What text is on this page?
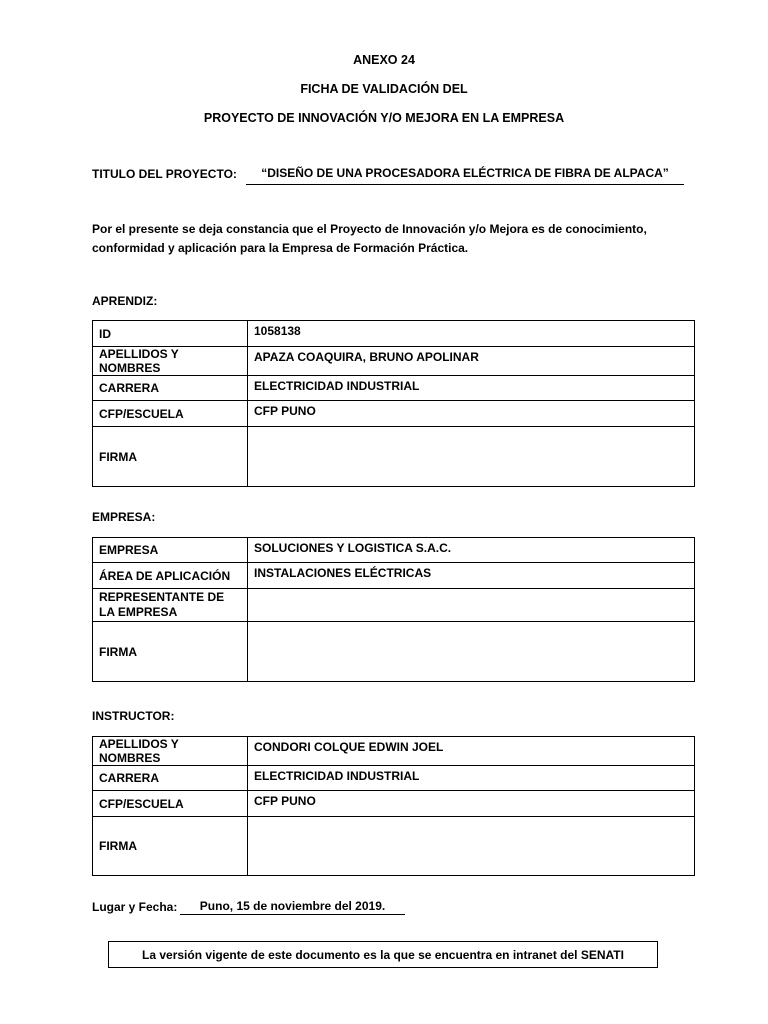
ANEXO 24
FICHA DE VALIDACIÓN DEL
PROYECTO DE INNOVACIÓN Y/O MEJORA EN LA EMPRESA
TITULO DEL PROYECTO:	“DISEÑO DE UNA PROCESADORA ELÉCTRICA DE FIBRA DE ALPACA”
Por el presente se deja constancia que el Proyecto de Innovación y/o Mejora es de conocimiento,
conformidad y aplicación para la Empresa de Formación Práctica.
APRENDIZ:
ID	1058138
APELLIDOS Y NOMBRES	APAZA COAQUIRA, BRUNO APOLINAR
CARRERA	ELECTRICIDAD INDUSTRIAL
CFP/ESCUELA	CFP PUNO
FIRMA	
EMPRESA:
EMPRESA	SOLUCIONES Y LOGISTICA S.A.C.
ÁREA DE APLICACIÓN	INSTALACIONES ELÉCTRICAS
REPRESENTANTE DE LA EMPRESA	
FIRMA	
INSTRUCTOR:
APELLIDOS Y NOMBRES	CONDORI COLQUE EDWIN JOEL
CARRERA	ELECTRICIDAD INDUSTRIAL
CFP/ESCUELA	CFP PUNO
FIRMA	
Lugar y Fecha:	Puno, 15 de noviembre del 2019.
La versión vigente de este documento es la que se encuentra en intranet del SENATI
